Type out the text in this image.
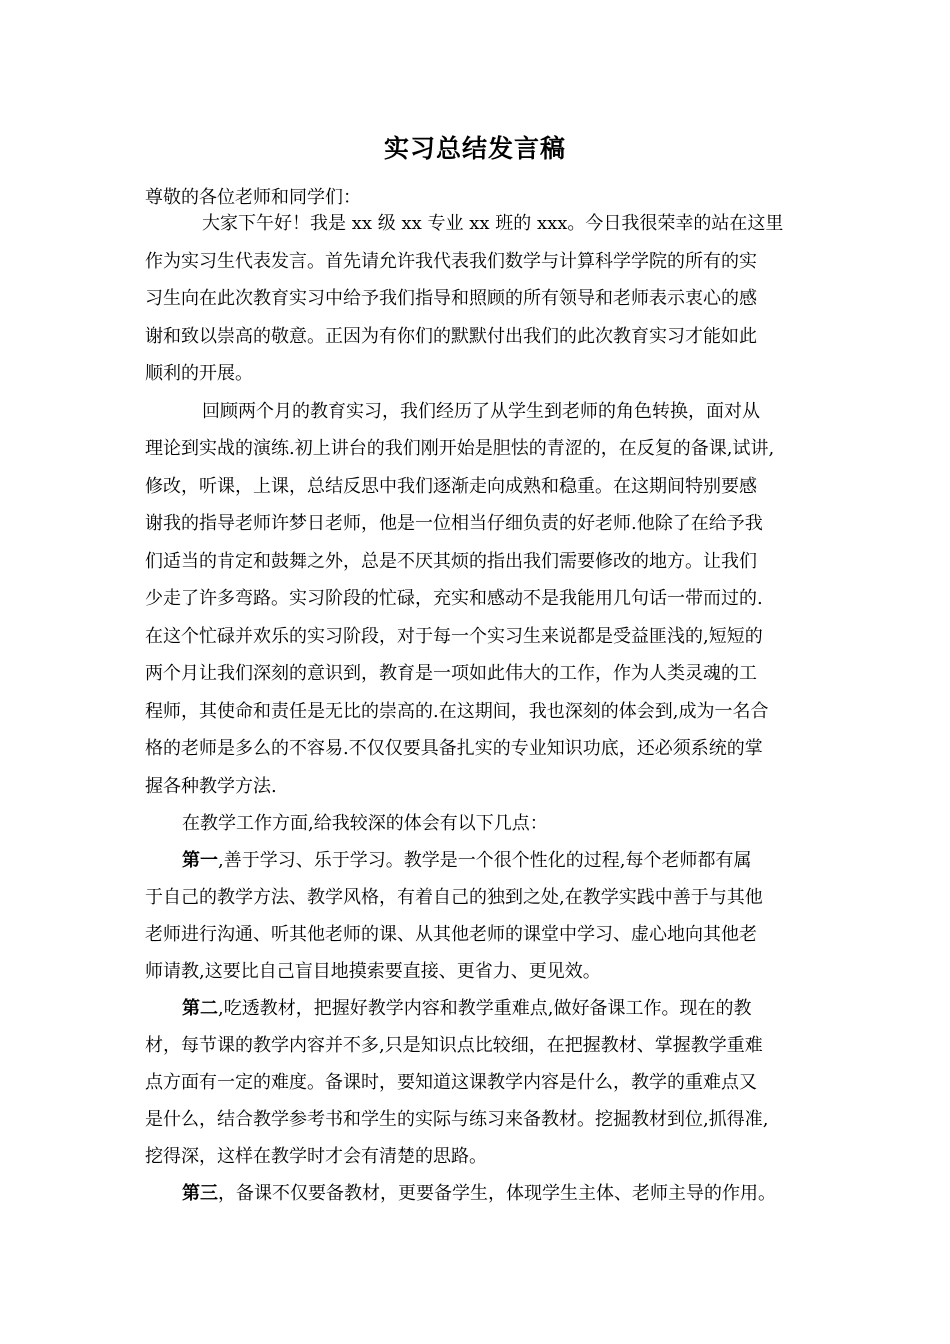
实习总结发言稿

尊敬的各位老师和同学们：

大家下午好！我是 xx 级 xx 专业 xx 班的 xxx。今日我很荣幸的站在这里
作为实习生代表发言。首先请允许我代表我们数学与计算科学学院的所有的实
习生向在此次教育实习中给予我们指导和照顾的所有领导和老师表示衷心的感
谢和致以崇高的敬意。正因为有你们的默默付出我们的此次教育实习才能如此
顺利的开展。

回顾两个月的教育实习，我们经历了从学生到老师的角色转换，面对从
理论到实战的演练.初上讲台的我们刚开始是胆怯的青涩的，在反复的备课,试讲,
修改，听课，上课，总结反思中我们逐渐走向成熟和稳重。在这期间特别要感
谢我的指导老师许梦日老师，他是一位相当仔细负责的好老师.他除了在给予我
们适当的肯定和鼓舞之外，总是不厌其烦的指出我们需要修改的地方。让我们
少走了许多弯路。实习阶段的忙碌，充实和感动不是我能用几句话一带而过的.
在这个忙碌并欢乐的实习阶段，对于每一个实习生来说都是受益匪浅的,短短的
两个月让我们深刻的意识到，教育是一项如此伟大的工作，作为人类灵魂的工
程师，其使命和责任是无比的崇高的.在这期间，我也深刻的体会到,成为一名合
格的老师是多么的不容易.不仅仅要具备扎实的专业知识功底，还必须系统的掌
握各种教学方法.

在教学工作方面,给我较深的体会有以下几点：

第一,善于学习、乐于学习。教学是一个很个性化的过程,每个老师都有属
于自己的教学方法、教学风格，有着自己的独到之处,在教学实践中善于与其他
老师进行沟通、听其他老师的课、从其他老师的课堂中学习、虚心地向其他老
师请教,这要比自己盲目地摸索要直接、更省力、更见效。

第二,吃透教材，把握好教学内容和教学重难点,做好备课工作。现在的教
材，每节课的教学内容并不多,只是知识点比较细，在把握教材、掌握教学重难
点方面有一定的难度。备课时，要知道这课教学内容是什么，教学的重难点又
是什么，结合教学参考书和学生的实际与练习来备教材。挖掘教材到位,抓得准,
挖得深，这样在教学时才会有清楚的思路。

第三，备课不仅要备教材，更要备学生，体现学生主体、老师主导的作用。
